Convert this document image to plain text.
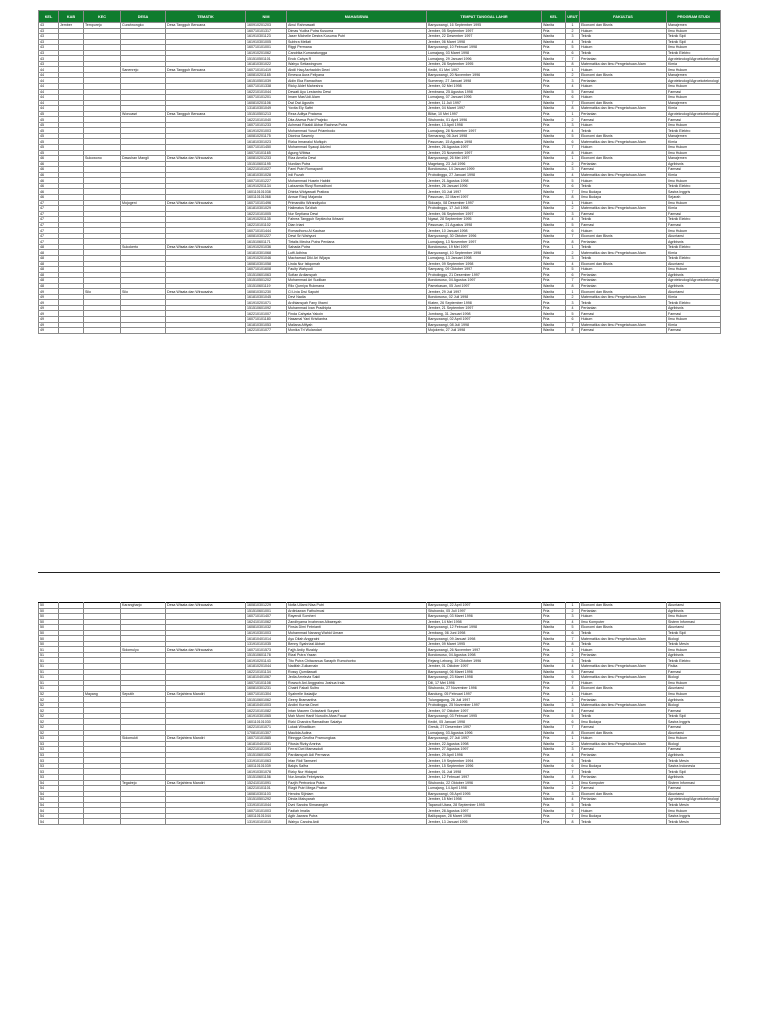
KEL	KAB	KEC	DESA	TEMATIK	NIM	MAHASISWA	TEMPAT TANGGAL LAHIR	KEL	URUT	FAKULTAS	PROGRAM STUDI
43	Jember	Tempurejo	Curahnongko	Desa Tangguh Bencana	160910201203	Ainul Rahmawati	Banyuwangi, 16 September 1995	Wanita	1	Ekonomi dan Bisnis	Manajemen
43					160710101317	Dimas Yudha Putra Kusuma	Jember, 05 September 1997	Pria	2	Hukum	Ilmu Hukum
43					161910301123	Jaser Michelle Destra Kusuma Putri	Jember, 22 Desember 1997	Wanita	3	Teknik	Teknik Sipil
43					161910301005	Subhra Mellati	Jember, 06 Maret 1998	Wanita	4	Teknik	Teknik Sipil
43					160710101001	Riggi Permana	Banyuwangi, 10 Februari 1998	Pria	5	Hukum	Ilmu Hukum
43					161910201062	Candrika Kumaratungga	Lumajang, 03 Maret 1998	Pria	6	Teknik	Teknik Elektro
43					151510501101	Enok Cahya R	Lumajang, 29 Januari 1996	Wanita	7	Pertanian	Agroteknologi/Agroekoteknologi
43					161810301022	Wahyu Setiawingrum	Jember, 28 September 1995	Wanita	8	Matematika dan Ilmu Pengetahuan Alam	Kimia
44			Sanenrejo	Desa Tangguh Bencana	160710101419	Abdil Haq Asrhaddin Dewi	Kediri, 01 Mei 1997	Pria	1	Hukum	Ilmu Hukum
44					160810201165	Emesca Aura Feliyana	Banyuwangi, 20 November 1996	Wanita	2	Ekonomi dan Bisnis	Manajemen
44					161510501039	Aldin Eka Ramadhan	Sumenep, 27 Januari 1998	Pria	3	Pertanian	Agroteknologi/Agroekoteknologi
44					160710101338	Ricky Aldef Maheshra	Jember, 02 Mei 1998	Pria	4	Hukum	Ilmu Hukum
44					162210101044	Dewati Ayu Lestantru Dewi	Jembrana, 25 Agustus 1998	Wanita	5	Farmasi	Farmasi
44					160710101201	Imam Mas'Udi Alam	Lumajang, 07 Januari 1996	Pria	6	Hukum	Ilmu Hukum
44					160810201106	Dwi Dwi Agustin	Jember, 11 Juli 1997	Wanita	7	Ekonomi dan Bisnis	Manajemen
44					131810301049	Yovita Ely Saftri	Jember, 04 Maret 1997	Wanita	8	Matematika dan Ilmu Pengetahuan Alam	Kimia
45			Wonoasri	Desa Tangguh Bencana	151510501213	Reza Aditya Pratama	Blitar, 10 Mei 1997	Pria	1	Pertanian	Agroteknologi/Agroekoteknologi
45					162210101040	Dita Alvesa Putri Prajeko	Situbondo, 01 April 1996	Wanita	2	Farmasi	Farmasi
45					160710101233	Achmad Rizaldi Akbar Rachma Putra	Jember, 13 April 1998	Pria	3	Hukum	Ilmu Hukum
45					161910201003	Mohammad Yusuf Priambodo	Lumajang, 28 November 1997	Pria	4	Teknik	Teknik Elektro
45					160810201175	Dioniva Saseniy	Semarang, 06 Juni 1998	Wanita	5	Ekonomi dan Bisnis	Manajemen
45					161810301023	Rizka Irmanalul Mufiqoh	Pasuruan, 15 Agustus 1998	Wanita	6	Matematika dan Ilmu Pengetahuan Alam	Kimia
45					160710101450	Mohammad Syauqi Adzimi	Jember, 26 Agustus 1997	Pria	7	Hukum	Ilmu Hukum
45					160710101165	Agung Wibisa	Jember, 23 November 1997	Pria	8	Hukum	Ilmu Hukum
46		Sukowono	Dawuhan Mangli	Desa Wisata dan Wirausaha	160810201233	Riza Amelia Dewi	Banyuwangi, 26 Mei 1997	Wanita	1	Ekonomi dan Bisnis	Manajemen
46					151510601195	Nurdian Putra	Magetang, 23 Juli 1996	Pria	2	Pertanian	Agribisnis
46					162210101027	Fami Putri Romayanti	Bondowoso, 14 Januari 1999	Wanita	3	Farmasi	Farmasi
46					161810301028	Irdi Fuzah	Probolinggo, 27 Januari 1998	Wanita	4	Matematika dan Ilmu Pengetahuan Alam	Kimia
46					160710101227	Mohammad Husein Habibi	Jember, 21 Agustus 1998	Pria	5	Hukum	Ilmu Hukum
46					161910201134	Laksamta Rizqi Romadhoni	Jember, 26 Januari 1996	Pria	6	Teknik	Teknik Elektro
46					160110101038	Dhinta Widyawati Pratiwa	Jember, 03 Juli 1997	Wanita	7	Ilmu Budaya	Sastra Inggris
46					160110101068	Anwar Rizqi Majanda	Pasuruan, 22 Maret 1997	Pria	8	Ilmu Budaya	Sejarah
47			Mojogeni	Desa Wisata dan Wirausaha	160710101496	Primandito Wirandiyoko	Sidoarjo, 08 Desember 1997	Pria	1	Hukum	Ilmu Hukum
47					161810301029	Halimatus Sa'diah	Probolinggo, 17 Juli 1998	Wanita	2	Matematika dan Ilmu Pengetahuan Alam	Kimia
47					162210101005	Nur Septiana Dewi	Jember, 06 September 1997	Wanita	3	Farmasi	Farmasi
47					161910201135	Fahrea Tangguh Septiecha Ikhsani	Ngawi, 28 September 1995	Pria	4	Teknik	Teknik Elektro
47					162210101102	Dian Iriani	Pasuruan, 21 Agustus 1998	Wanita	5	Farmasi	Farmasi
47					160710101444	Romadhonu Al Kautsar	Jember, 10 Januari 1998	Pria	6	Hukum	Ilmu Hukum
47					160810301227	Dewi Sri Wahyuni	Banyuwangi, 30 Oktober 1996	Wanita	7	Ekonomi dan Bisnis	Akuntansi
47					161510601171	Tirtalis Mecha Putra Perdana	Lumajang, 13 November 1997	Pria	8	Pertanian	Agribisnis
48			Sukokerto	Desa Wisata dan Wirausaha	161910201036	Sahada Putra	Bondowoso, 19 Mei 1997	Pria	1	Teknik	Teknik Elektro
48					161810301068	Lutfi Adhina	Banyuwangi, 10 September 1998	Wanita	2	Matematika dan Ilmu Pengetahuan Alam	Kimia
48					161910201046	Machamad Diki Ari Wijaya	Lumajang, 13 Januari 1998	Pria	3	Teknik	Teknik Elektro
48					160810301058	Linda Nur Istiqomah	Jember, 09 September 1998	Wanita	4	Ekonomi dan Bisnis	Akuntansi
48					160710101608	Faulty Wahyudi	Sampang, 09 Oktober 1997	Pria	5	Hukum	Ilmu Hukum
48					151510601063	Sofian Ardiansyah	Probolinggo, 21 Desember 1997	Pria	6	Pertanian	Agribisnis
48					151510501202	Mohammad Ari Sudikan	Bondowoso, 04 Agustus 1997	Pria	7	Pertanian	Agroteknologi/Agroekoteknologi
48					151510601119	Rilo Qurniya Rukmana	Pamekasan, 05 Juni 1997	Wanita	8	Pertanian	Agribisnis
49		Silo	Silo	Desa Wisata dan Wirausaha	160810301230	Ci Livia Dwi Saputri	Jember, 29 Juli 1997	Wanita	1	Ekonomi dan Bisnis	Akuntansi
49					161810301045	Devi Nadia	Bondowoso, 02 Juli 1998	Wanita	2	Matematika dan Ilmu Pengetahuan Alam	Kimia
49					161910201071	Ardhiansyah Fany Ilhami	Klaten, 26 September 1998	Pria	3	Teknik	Teknik Elektro
49					151510601092	Muhammad Ivan Pradhipta	Jember, 21 September 1997	Pria	4	Pertanian	Agribisnis
49					162210101007	Finda Cahyata Yakoin	Jombang, 31 Januari 1998	Wanita	5	Farmasi	Farmasi
49					160710101180	Hasamal Yani Kristiantra	Banyuwangi, 02 April 1997	Pria	6	Hukum	Ilmu Hukum
49					161810301053	Maliana Afifyah	Banyuwangi, 08 Juli 1998	Wanita	7	Matematika dan Ilmu Pengetahuan Alam	Kimia
49					162210101077	Monika Tri Wulandari	Mojokerto, 27 Juli 1998	Wanita	8	Farmasi	Farmasi
50			Karangharjo	Desa Wisata dan Wirausaha	160810301229	Nofia Ullami Nisa Putri	Banyuwangi, 22 April 1997	Wanita	1	Ekonomi dan Bisnis	Akuntansi
50					151510601001	Ardiniawan Fathulmusi	Situbondo, 05 Juli 1997	Pria	2	Pertanian	Agribisnis
50					160710101407	Rayendi Somheri	Banyuwangi, 03 Maret 1996	Pria	3	Hukum	Ilmu Hukum
50					162410101062	Zandhyama Irvahevan Albaesyah	Jember, 14 Mei 1998	Pria	4	Ilmu Komputer	Sistem Informasi
50					160810301032	Finsia Dimi Febrianti	Banyuwangi, 12 Februari 1998	Wanita	5	Ekonomi dan Bisnis	Akuntansi
50					161910301003	Muhammad Nanang Wahid Umam	Jembang, 06 Juni 1998	Pria	6	Teknik	Teknik Sipil
50					161810401014	Ayu Dilah Anggraini	Banyuwangi, 09 Januari 1998	Wanita	7	Matematika dan Ilmu Pengetahuan Alam	Biologi
50					131910101035	Benny Syahrizal Akbari	Jember, 09 Maret 1995	Pria	8	Teknik	Teknik Mesin
51			Sidomulyo	Desa Wisata dan Wirausaha	160710101573	Fajjh Ardiy Rizaldy	Banyuwangi, 26 November 1997	Pria	1	Hukum	Ilmu Hukum
51					151510601178	Rizal Putra Yazan	Bondowoso, 04 Agustus 1998	Pria	2	Pertanian	Agribisnis
51					161910201143	Tito Putra Chitavanua Sarapih Rumohorbo	Rejang Lebong, 19 Oktober 1996	Pria	3	Teknik	Teknik Elektro
51					161810201044	Nadifah Zulkarnain	Jember, 01 Oktober 1997	Wanita	4	Matematika dan Ilmu Pengetahuan Alam	Fisika
51					162210101134	Rossy Qumilawati	Banyuwangi, 06 Maret 1996	Wanita	5	Farmasi	Farmasi
51					161810401067	Jedia Amrisvia Sakil	Banyuwangi, 23 Maret 1998	Wanita	6	Matematika dan Ilmu Pengetahuan Alam	Biologi
51					160710101108	Rowsch Ani Anggrainu Joshua Irala	Dili, 17 Mei 1996	Pria	7	Hukum	Ilmu Hukum
51					160810301231	Chairil Fakali Sultro	Situbondo, 27 November 1996	Pria	8	Ekonomi dan Bisnis	Akuntansi
52		Mayang	Seputih	Desa Sejahtera Mandiri	160710101304	Syahrelle Iksiadjiz	Bandung, 05 Februari 1997	Pria	1	Hukum	Ilmu Hukum
52					151510601062	Geery Bramantha	Tulungagung, 26 Juli 1997	Pria	2	Pertanian	Agribisnis
52					161810401003	Andini Kurnia Dewi	Probolinggo, 25 November 1997	Wanita	3	Matematika dan Ilmu Pengetahuan Alam	Biologi
52					162210101082	Intan Mauren Octavianti Suryani	Jember, 07 Oktober 1997	Wanita	4	Farmasi	Farmasi
52					161910301065	Mah Mumi Hanif Nurudin Afwa Fauzi	Banyuwangi, 03 Februari 1995	Pria	5	Teknik	Teknik Sipil
52					160110101030	Rizki Chandra Ramadhan Salafyo	Kediri, 05 Januari 1998	Pria	6	Ilmu Budaya	Sastra Inggris
52					162210101071	Lukak Winatikum	Gresik, 27 Desember 1997	Wanita	7	Farmasi	Farmasi
52					170810101307	Maulida Aulina	Lumajang, 03 Agustus 1996	Wanita	8	Ekonomi dan Bisnis	Akuntansi
53			Sidomukti	Desa Sejahtera Mandiri	160710101585	Rinngga Geofira Prarnungkas	Banyuwangi, 27 Juli 1997	Pria	1	Hukum	Ilmu Hukum
53					161810401031	Fitusia Rizky Amrina	Jember, 22 Agustus 1998	Wanita	2	Matematika dan Ilmu Pengetahuan Alam	Biologi
53					162210101093	Ferral Dwi Mamasduti	Jember, 27 Agustus 1997	Wanita	3	Farmasi	Farmasi
53					151510601052	Pardiansyah Adi Permana	Jember, 29 April 1996	Pria	4	Pertanian	Agribisnis
53					131910101063	Irfan Ridl Tamseel	Jember, 19 September 1994	Pria	5	Teknik	Teknik Mesin
53					160110101039	Balqis Salfra	Jember, 15 September 1996	Wanita	6	Ilmu Budaya	Sastra Indonesia
53					161910301078	Rizky Nur Hidayat	Jember, 01 Juli 1998	Pria	7	Teknik	Teknik Sipil
53					151510601156	Nur Amalia Febriyanta	Jember, 12 Februari 1997	Wanita	8	Pertanian	Agribisnis
54			Tegalrejo	Desa Sejahtera Mandiri	152410101091	Fazjih Pertronica Putra	Situbondo, 22 Oktober 1996	Pria	1	Ilmu Komputer	Sistem Informasi
54					162210101101	Rizgit Putri Mega Prabar	Lumajang, 14 April 1998	Wanita	2	Farmasi	Farmasi
54					160810301103	Hendra Sijiniam	Banyuwangi, 05 April 1995	Pria	3	Ekonomi dan Bisnis	Akuntansi
54					151510501292	Dinda Maisyarah	Jember, 15 Mei 1998	Wanita	4	Pertanian	Agroteknologi/Agroekoteknologi
54					131910101044	Dvni Sandra Simarangkir	Tapanuli Utara, 28 September 1995	Pria	5	Teknik	Teknik Mesin
54					160710101003	Fadiah Imalia	Jember, 28 Agustus 1997	Wanita	6	Hukum	Ilmu Hukum
54					160110101044	Agib Jawara Putra	Balikpapan, 28 Maret 1998	Pria	7	Ilmu Budaya	Sastra Inggris
54					131910101015	Wahyu Candra Ardi	Jember, 13 Januari 1995	Pria	8	Teknik	Teknik Mesin
